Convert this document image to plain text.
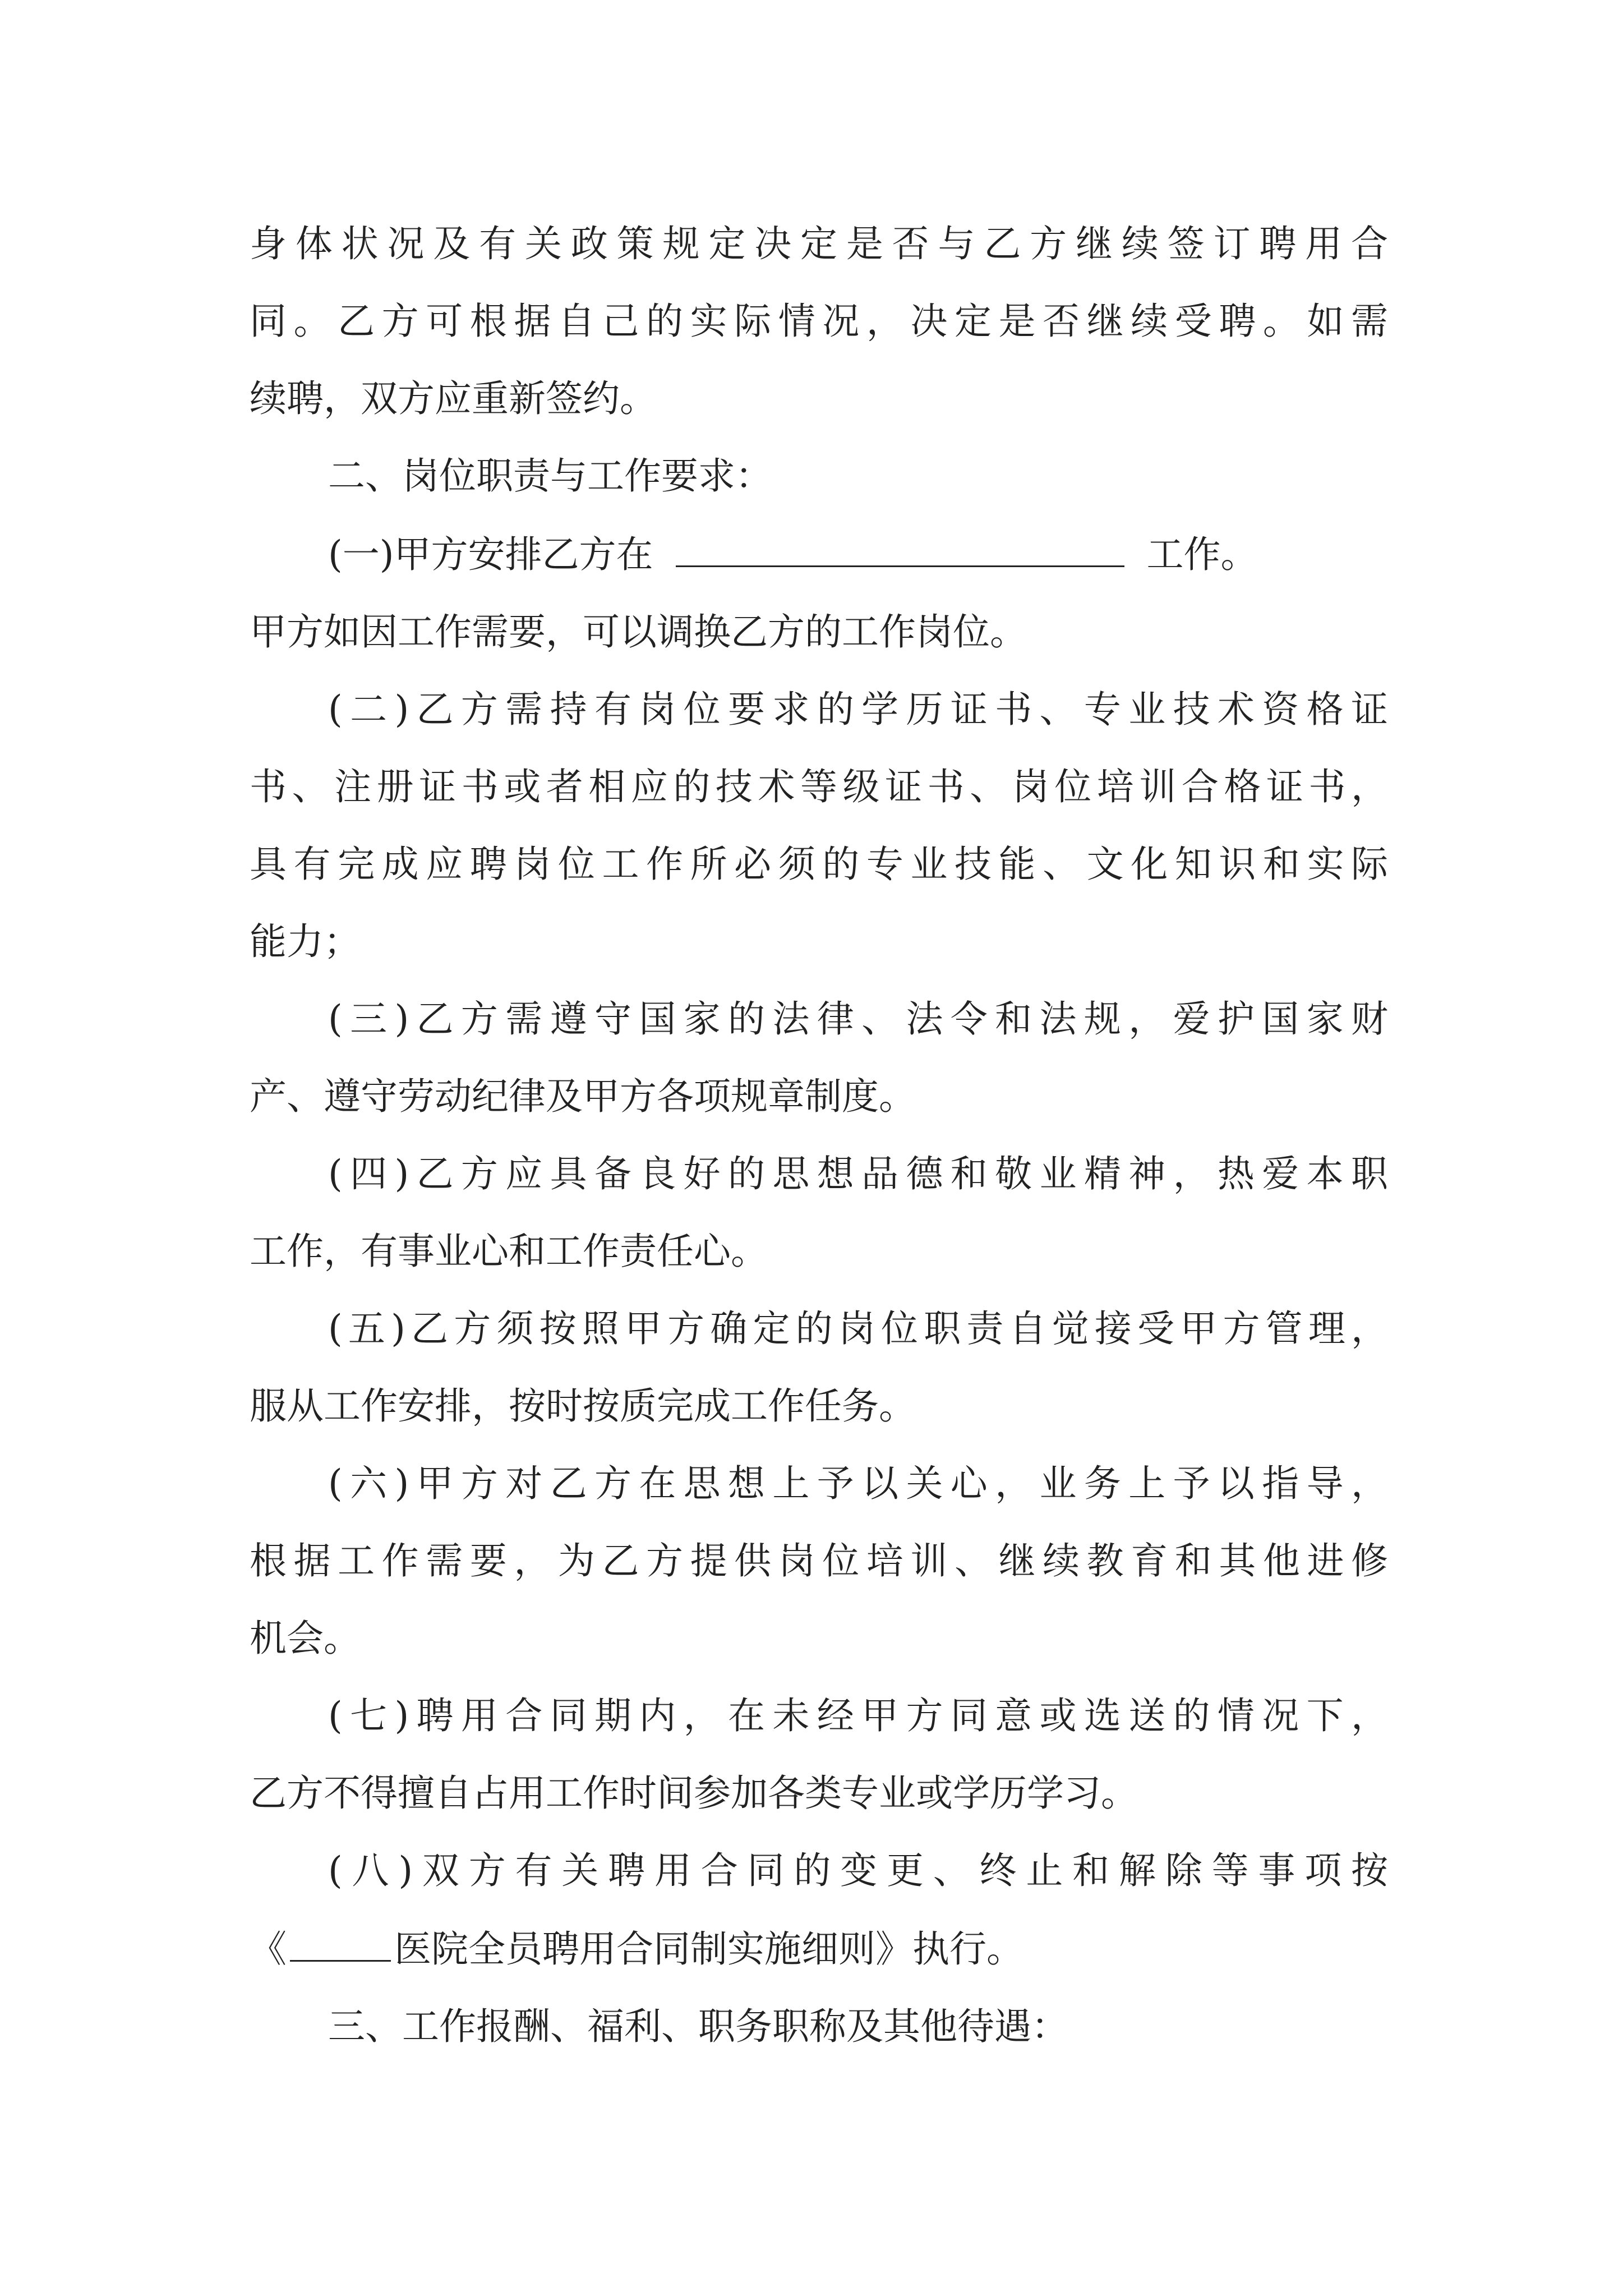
身体状况及有关政策规定决定是否与乙方继续签订聘用合
同。乙方可根据自己的实际情况，决定是否继续受聘。如需
续聘，双方应重新签约。
二、岗位职责与工作要求：
(一)甲方安排乙方在	工作。
甲方如因工作需要，可以调换乙方的工作岗位。
(二)乙方需持有岗位要求的学历证书、专业技术资格证
书、注册证书或者相应的技术等级证书、岗位培训合格证书，
具有完成应聘岗位工作所必须的专业技能、文化知识和实际
能力；
(三)乙方需遵守国家的法律、法令和法规，爱护国家财
产、遵守劳动纪律及甲方各项规章制度。
(四)乙方应具备良好的思想品德和敬业精神，热爱本职
工作，有事业心和工作责任心。
(五)乙方须按照甲方确定的岗位职责自觉接受甲方管理，
服从工作安排，按时按质完成工作任务。
(六)甲方对乙方在思想上予以关心，业务上予以指导，
根据工作需要，为乙方提供岗位培训、继续教育和其他进修
机会。
(七)聘用合同期内，在未经甲方同意或选送的情况下，
乙方不得擅自占用工作时间参加各类专业或学历学习。
(八)双方有关聘用合同的变更、终止和解除等事项按
《	医院全员聘用合同制实施细则》执行。
三、工作报酬、福利、职务职称及其他待遇：
